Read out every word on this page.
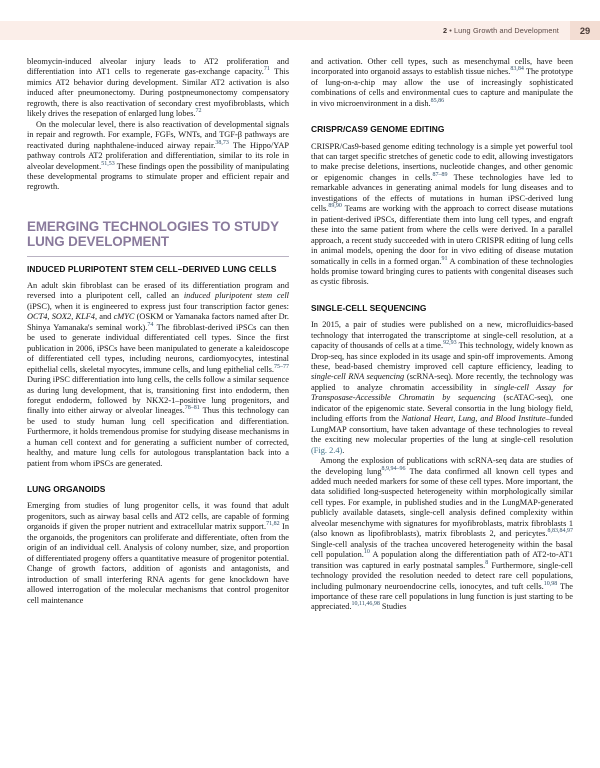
2 • Lung Growth and Development	29

bleomycin-induced alveolar injury leads to AT2 proliferation and differentiation into AT1 cells to regenerate gas-exchange capacity.$^{71}$ This mimics AT2 behavior during development. Similar AT2 activation is also induced after pneumonectomy. During postpneumonectomy compensatory regrowth, there is also reactivation of secondary crest myofibroblasts, which likely drives the resepation of enlarged lung lobes.$^{72}$

On the molecular level, there is also reactivation of developmental signals in repair and regrowth. For example, FGFs, WNTs, and TGF-β pathways are reactivated during naphthalene-induced airway repair.$^{38,73}$ The Hippo/YAP pathway controls AT2 proliferation and differentiation, similar to its role in alveolar development.$^{51,53}$ These findings open the possibility of manipulating these developmental programs to stimulate proper and efficient repair and regrowth.

EMERGING TECHNOLOGIES TO STUDY LUNG DEVELOPMENT
INDUCED PLURIPOTENT STEM CELL–DERIVED LUNG CELLS

An adult skin fibroblast can be erased of its differentiation program and reversed into a pluripotent cell, called an induced pluripotent stem cell (iPSC), when it is engineered to express just four transcription factor genes: OCT4, SOX2, KLF4, and cMYC (OSKM or Yamanaka factors named after Dr. Shinya Yamanaka's seminal work).$^{74}$ The fibroblast-derived iPSCs can then be used to generate individual differentiated cell types. Since the first publication in 2006, iPSCs have been manipulated to generate a kaleidoscope of differentiated cell types, including neurons, cardiomyocytes, intestinal epithelial cells, skeletal myocytes, immune cells, and lung epithelial cells.$^{75-77}$ During iPSC differentiation into lung cells, the cells follow a similar sequence as during lung development, that is, transitioning first into endoderm, then foregut endoderm, followed by NKX2-1–positive lung progenitors, and finally into either airway or alveolar lineages.$^{78-81}$ Thus this technology can be used to study human lung cell specification and differentiation. Furthermore, it holds tremendous promise for studying disease mechanisms in a human cell context and for generating a sufficient number of corrected, healthy, and mature lung cells for autologous transplantation back into a patient from whom iPSCs are generated.

LUNG ORGANOIDS

Emerging from studies of lung progenitor cells, it was found that adult progenitors, such as airway basal cells and AT2 cells, are capable of forming organoids if given the proper nutrient and extracellular matrix support.$^{71,82}$ In the organoids, the progenitors can proliferate and differentiate, often from the origin of an individual cell. Analysis of colony number, size, and proportion of differentiated progeny offers a quantitative measure of progenitor potential. Change of growth factors, addition of agonists and antagonists, and introduction of small interfering RNA agents for gene knockdown have allowed interrogation of the molecular mechanisms that control progenitor cell maintenance

and activation. Other cell types, such as mesenchymal cells, have been incorporated into organoid assays to establish tissue niches.$^{83,84}$ The prototype of lung-on-a-chip may allow the use of increasingly sophisticated combinations of cells and environmental cues to capture and manipulate the in vivo microenvironment in a dish.$^{85,86}$

CRISPR/CAS9 GENOME EDITING

CRISPR/Cas9-based genome editing technology is a simple yet powerful tool that can target specific stretches of genetic code to edit, allowing investigators to make precise deletions, insertions, nucleotide changes, and other genomic or epigenomic changes in cells.$^{87-89}$ These technologies have led to remarkable advances in generating animal models for lung diseases and to investigations of the effects of mutations in human iPSC-derived lung cells.$^{89,90}$ Teams are working with the approach to correct disease mutations in patient-derived iPSCs, differentiate them into lung cell types, and engraft these into the same patient from where the cells were derived. In a parallel approach, a recent study succeeded with in utero CRISPR editing of lung cells in animal models, opening the door for in vivo editing of disease mutation somatically in cells in a formed organ.$^{91}$ A combination of these technologies holds promise toward bringing cures to patients with congenital diseases such as cystic fibrosis.

SINGLE-CELL SEQUENCING

In 2015, a pair of studies were published on a new, microfluidics-based technology that interrogated the transcriptome at single-cell resolution, at a capacity of thousands of cells at a time.$^{92,93}$ This technology, widely known as Drop-seq, has since exploded in its usage and spin-off improvements. Among these, bead-based chemistry improved cell capture efficiency, leading to single-cell RNA sequencing (scRNA-seq). More recently, the technology was applied to analyze chromatin accessibility in single-cell Assay for Transposase-Accessible Chromatin by sequencing (scATAC-seq), one indicator of the epigenomic state. Several consortia in the lung biology field, including efforts from the National Heart, Lung, and Blood Institute–funded LungMAP consortium, have taken advantage of these technologies to reveal the exciting new molecular properties of the lung at single-cell resolution (Fig. 2.4).

Among the explosion of publications with scRNA-seq data are studies of the developing lung$^{8,9,94-96}$ The data confirmed all known cell types and added much needed markers for some of these cell types. More important, the data solidified long-suspected heterogeneity within morphologically similar cell types. For example, in published studies and in the LungMAP-generated publicly available datasets, single-cell analysis defined complexity within alveolar mesenchyme with signatures for myofibroblasts, matrix fibroblasts 1 (also known as lipofibroblasts), matrix fibroblasts 2, and pericytes.$^{8,83,84,97}$ Single-cell analysis of the trachea uncovered heterogeneity within the basal cell population.$^{10}$ A population along the differentiation path of AT2-to-AT1 transition was captured in early postnatal samples.$^8$ Furthermore, single-cell technology provided the resolution needed to detect rare cell populations, including pulmonary neuroendocrine cells, ionocytes, and tuft cells.$^{10,98}$ The importance of these rare cell populations in lung function is just starting to be appreciated.$^{10,11,46,98}$ Studies
